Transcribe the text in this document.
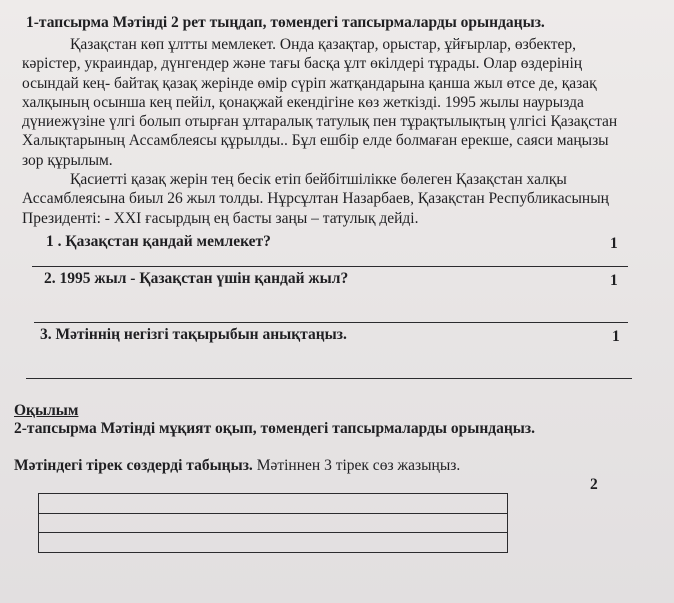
1-тапсырма Мәтінді 2 рет тыңдап, төмендегі тапсырмаларды орындаңыз.
Қазақстан көп ұлтты мемлекет. Онда қазақтар, орыстар, ұйғырлар, өзбектер,
кәрістер, украиндар, дүнгендер және тағы басқа ұлт өкілдері тұрады. Олар өздерінің
осындай кең- байтақ қазақ жерінде өмір сүріп жатқандарына қанша жыл өтсе де, қазақ
халқының осынша кең пейіл, қонақжай екендігіне көз жеткізді. 1995 жылы наурызда
дүниежүзіне үлгі болып отырған ұлтаралық татулық пен тұрақтылықтың үлгісі Қазақстан
Халықтарының Ассамблеясы құрылды.. Бұл ешбір елде болмаған ерекше, саяси маңызы
зор құрылым.
Қасиетті қазақ жерін тең бесік етіп бейбітшілікке бөлеген Қазақстан халқы
Ассамблеясына биыл 26 жыл толды. Нұрсұлтан Назарбаев, Қазақстан Республикасының
Президенті: - XXI ғасырдың ең басты заңы – татулық дейді.
1 . Қазақстан қандай мемлекет?	1
2. 1995 жыл - Қазақстан үшін қандай жыл?	1
3. Мәтіннің негізгі тақырыбын анықтаңыз.	1
Оқылым
2-тапсырма Мәтінді мұқият оқып, төмендегі тапсырмаларды орындаңыз.
Мәтіндегі тірек сөздерді табыңыз. Мәтіннен 3 тірек сөз жазыңыз.
2
